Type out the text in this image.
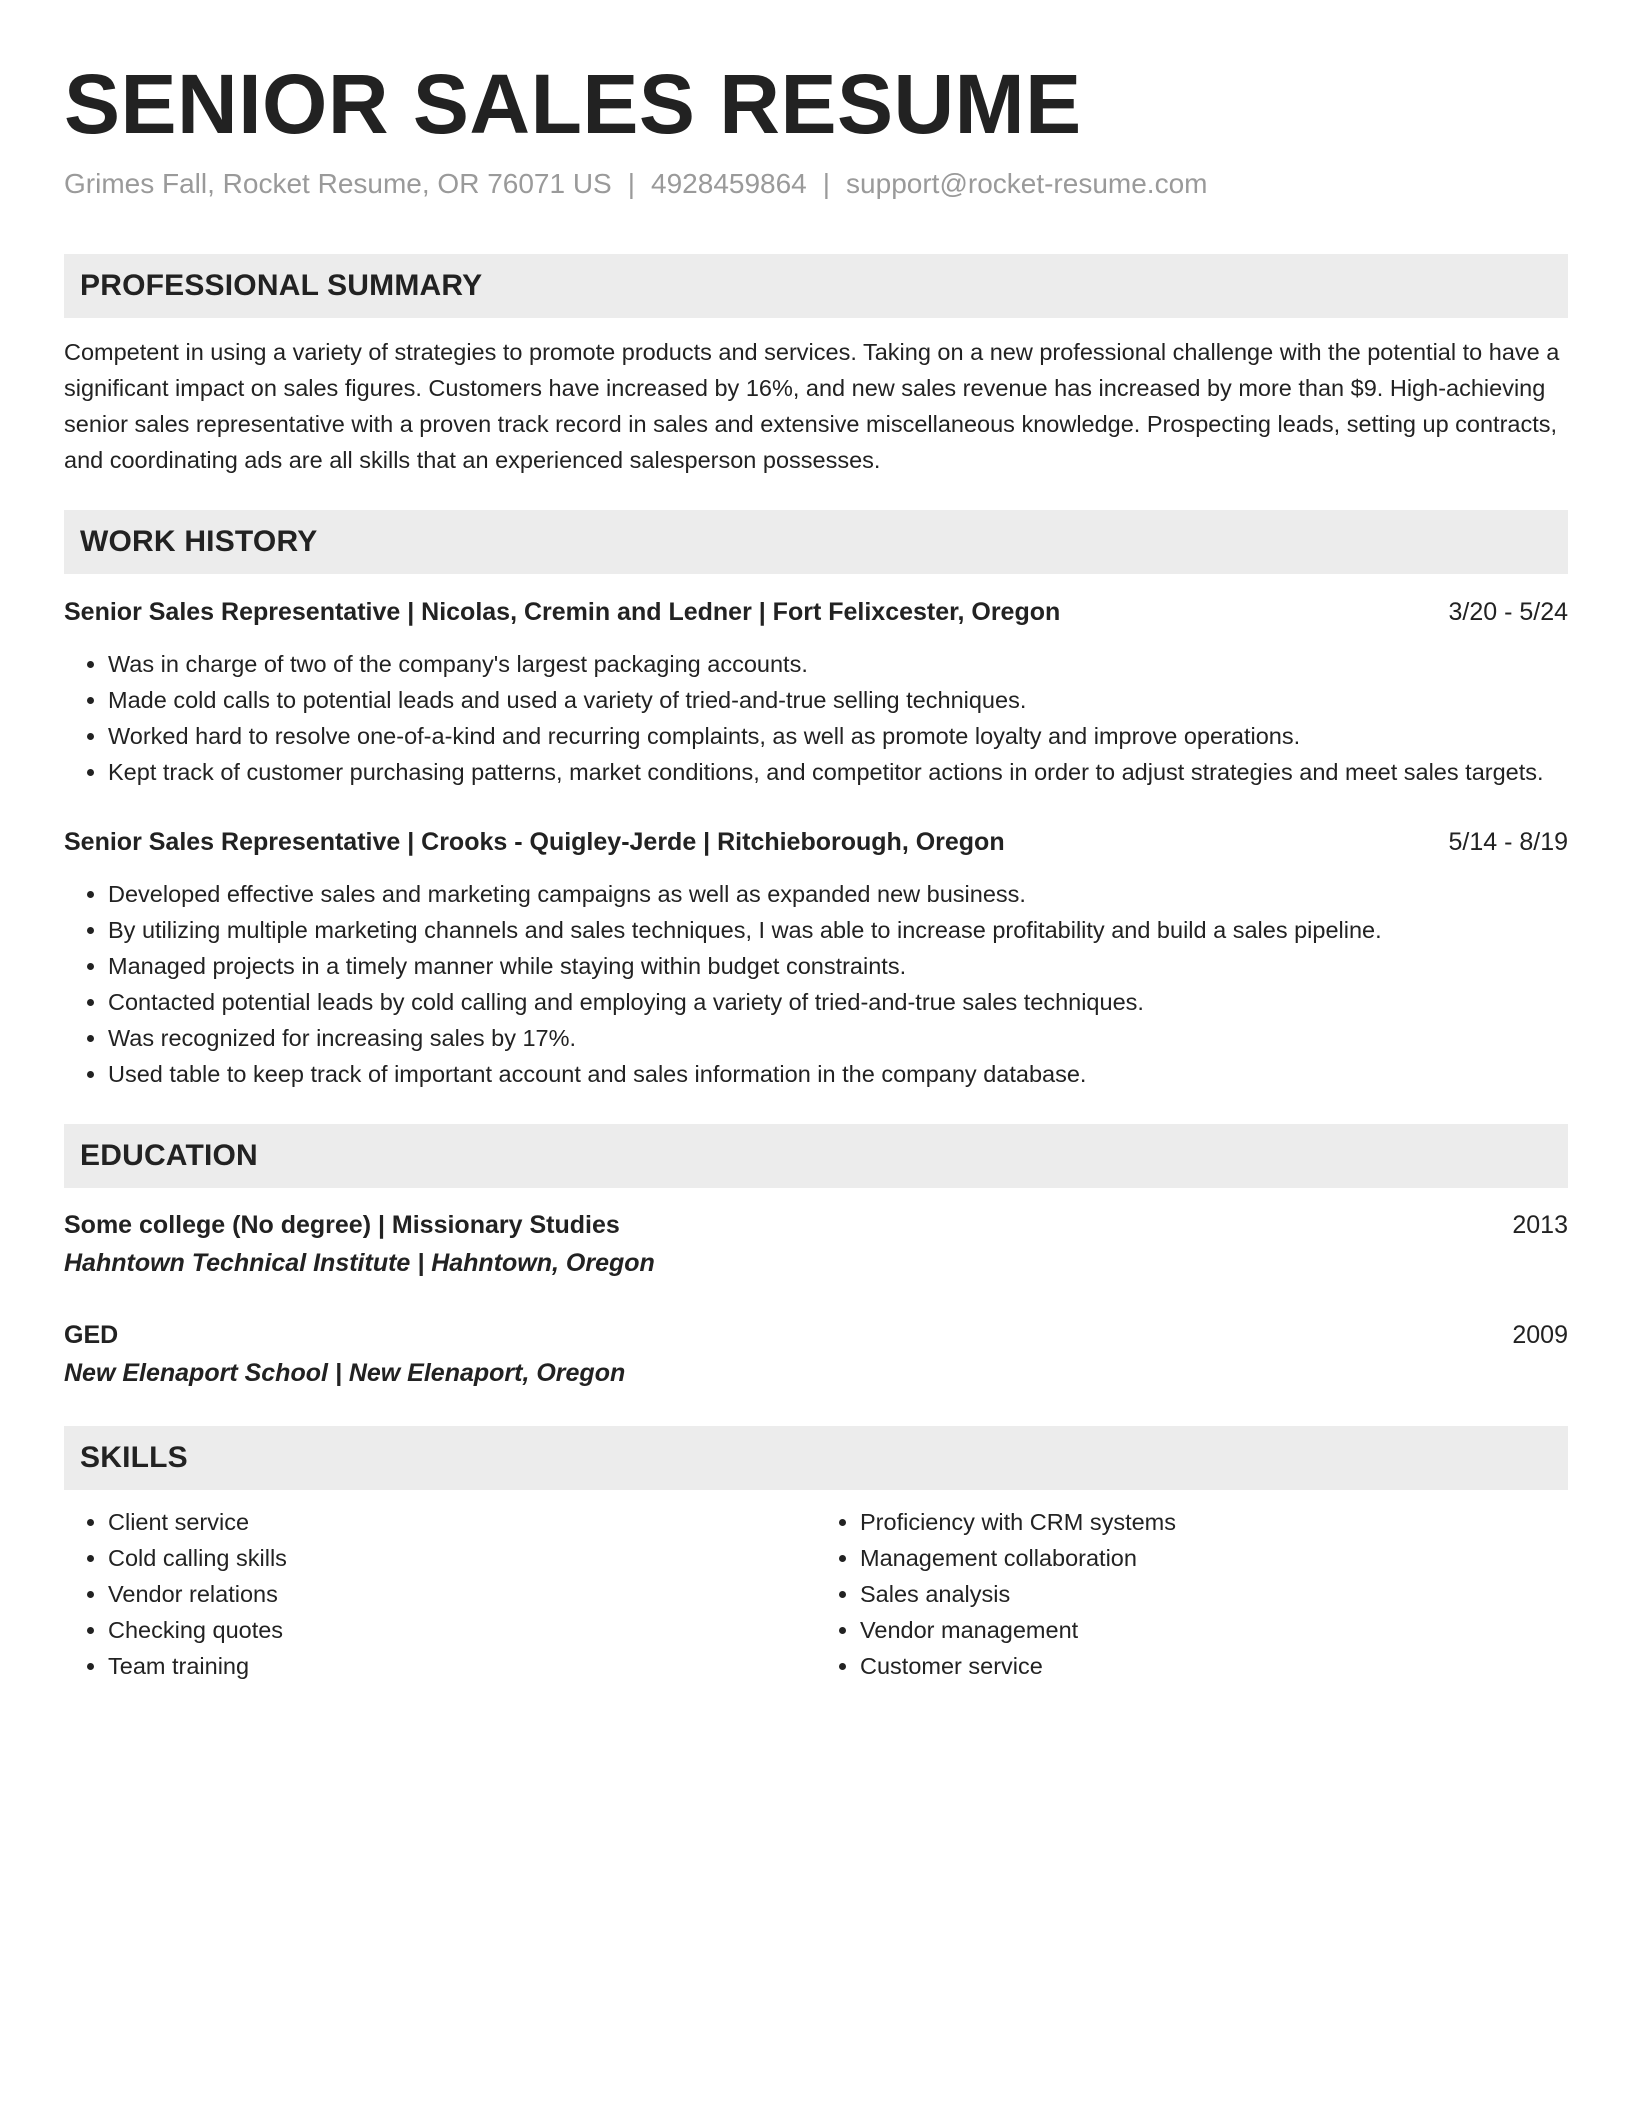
SENIOR SALES RESUME
Grimes Fall, Rocket Resume, OR 76071 US | 4928459864 | support@rocket-resume.com
PROFESSIONAL SUMMARY

Competent in using a variety of strategies to promote products and services. Taking on a new professional challenge with the potential to have a significant impact on sales figures. Customers have increased by 16%, and new sales revenue has increased by more than $9. High-achieving senior sales representative with a proven track record in sales and extensive miscellaneous knowledge. Prospecting leads, setting up contracts, and coordinating ads are all skills that an experienced salesperson possesses.

WORK HISTORY
Senior Sales Representative | Nicolas, Cremin and Ledner | Fort Felixcester, Oregon	3/20 - 5/24
• Was in charge of two of the company's largest packaging accounts.
• Made cold calls to potential leads and used a variety of tried-and-true selling techniques.
• Worked hard to resolve one-of-a-kind and recurring complaints, as well as promote loyalty and improve operations.
• Kept track of customer purchasing patterns, market conditions, and competitor actions in order to adjust strategies and meet sales targets.
Senior Sales Representative | Crooks - Quigley-Jerde | Ritchieborough, Oregon	5/14 - 8/19
• Developed effective sales and marketing campaigns as well as expanded new business.
• By utilizing multiple marketing channels and sales techniques, I was able to increase profitability and build a sales pipeline.
• Managed projects in a timely manner while staying within budget constraints.
• Contacted potential leads by cold calling and employing a variety of tried-and-true sales techniques.
• Was recognized for increasing sales by 17%.
• Used table to keep track of important account and sales information in the company database.
EDUCATION
Some college (No degree) | Missionary Studies	2013
Hahntown Technical Institute | Hahntown, Oregon
GED	2009
New Elenaport School | New Elenaport, Oregon
SKILLS
• Client service
• Cold calling skills
• Vendor relations
• Checking quotes
• Team training
• Proficiency with CRM systems
• Management collaboration
• Sales analysis
• Vendor management
• Customer service
